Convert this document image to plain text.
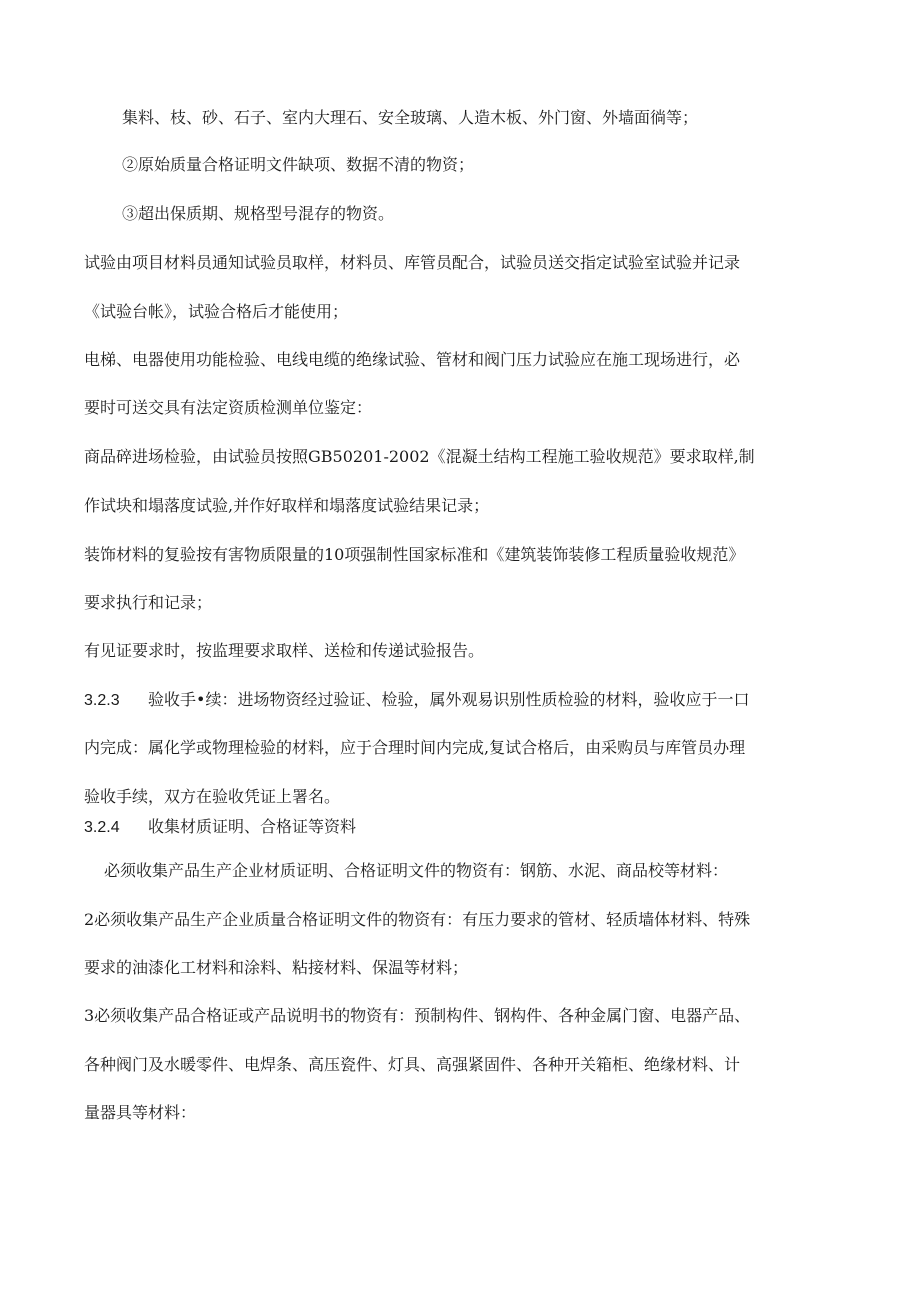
集料、枝、砂、石子、室内大理石、安全玻璃、人造木板、外门窗、外墙面徜等；
②原始质量合格证明文件缺项、数据不清的物资；
③超出保质期、规格型号混存的物资。
试验由项目材料员通知试验员取样，材料员、库管员配合，试验员送交指定试验室试验并记录
《试验台帐》，试验合格后才能使用；
电梯、电器使用功能检验、电线电缆的绝缘试验、管材和阀门压力试验应在施工现场进行，必
要时可送交具有法定资质检测单位鉴定：
商品碎进场检验，由试验员按照GB50201-2002《混凝土结构工程施工验收规范》要求取样,制
作试块和塌落度试验,并作好取样和塌落度试验结果记录；
装饰材料的复验按有害物质限量的10项强制性国家标准和《建筑装饰装修工程质量验收规范》
要求执行和记录；
有见证要求时，按监理要求取样、送检和传递试验报告。
3.2.3 验收手•续：进场物资经过验证、检验，属外观易识别性质检验的材料，验收应于一口
内完成：属化学或物理检验的材料，应于合理时间内完成,复试合格后，由采购员与库管员办理
验收手续，双方在验收凭证上署名。
3.2.4 收集材质证明、合格证等资料
必须收集产品生产企业材质证明、合格证明文件的物资有：钢筋、水泥、商品校等材料：
2必须收集产品生产企业质量合格证明文件的物资有：有压力要求的管材、轻质墙体材料、特殊
要求的油漆化工材料和涂料、粘接材料、保温等材料；
3必须收集产品合格证或产品说明书的物资有：预制构件、钢构件、各种金属门窗、电器产品、
各种阀门及水暖零件、电焊条、高压瓷件、灯具、高强紧固件、各种开关箱柜、绝缘材料、计
量器具等材料：
